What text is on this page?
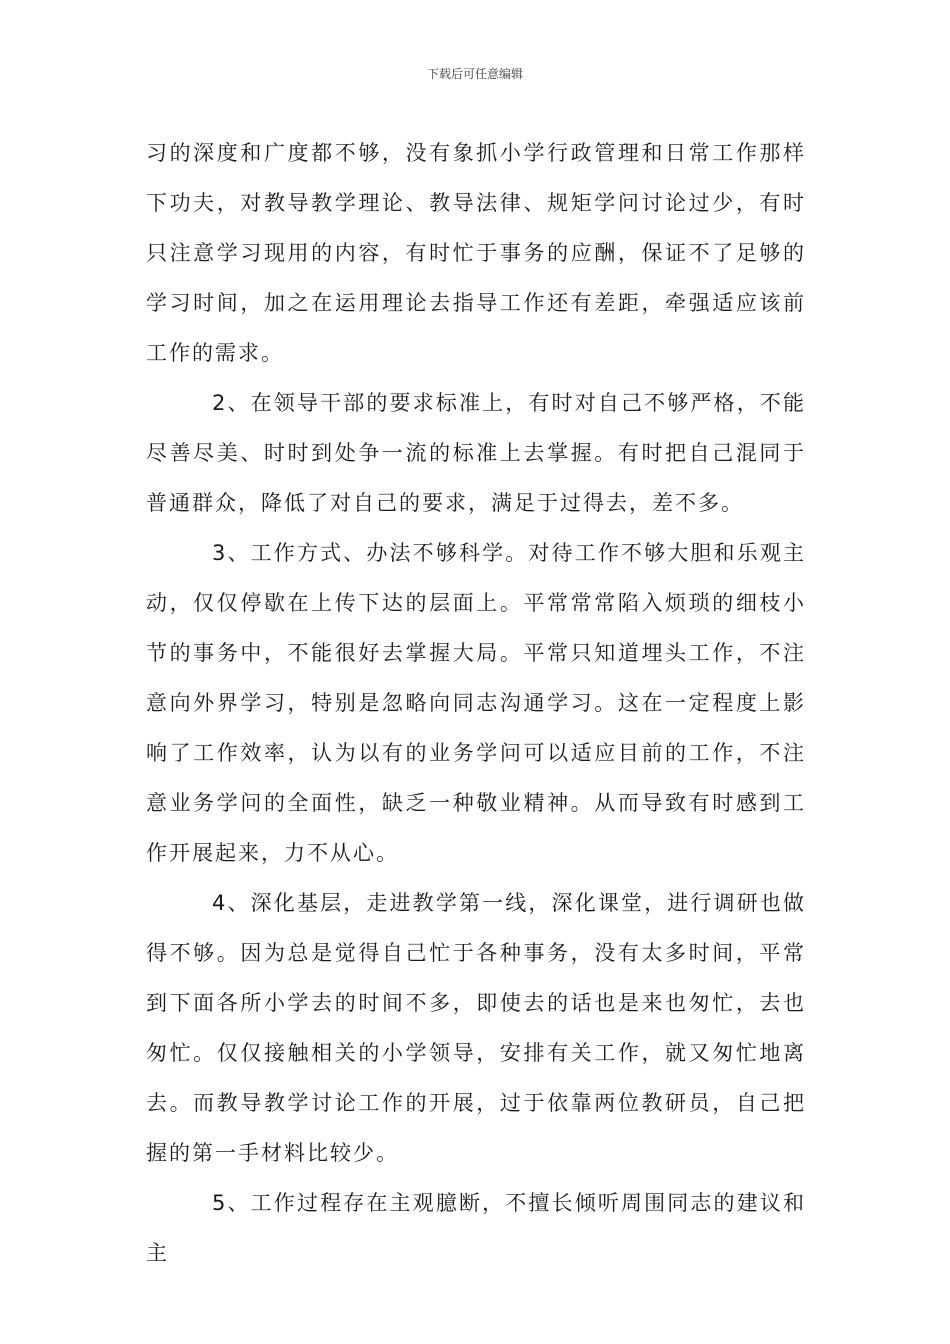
下载后可任意编辑

习的深度和广度都不够，没有象抓小学行政管理和日常工作那样下功夫，对教导教学理论、教导法律、规矩学问讨论过少，有时只注意学习现用的内容，有时忙于事务的应酬，保证不了足够的学习时间，加之在运用理论去指导工作还有差距，牵强适应该前工作的需求。

2、在领导干部的要求标准上，有时对自己不够严格，不能尽善尽美、时时到处争一流的标准上去掌握。有时把自己混同于普通群众，降低了对自己的要求，满足于过得去，差不多。

3、工作方式、办法不够科学。对待工作不够大胆和乐观主动，仅仅停歇在上传下达的层面上。平常常常陷入烦琐的细枝小节的事务中，不能很好去掌握大局。平常只知道埋头工作，不注意向外界学习，特别是忽略向同志沟通学习。这在一定程度上影响了工作效率，认为以有的业务学问可以适应目前的工作，不注意业务学问的全面性，缺乏一种敬业精神。从而导致有时感到工作开展起来，力不从心。

4、深化基层，走进教学第一线，深化课堂，进行调研也做得不够。因为总是觉得自己忙于各种事务，没有太多时间，平常到下面各所小学去的时间不多，即使去的话也是来也匆忙，去也匆忙。仅仅接触相关的小学领导，安排有关工作，就又匆忙地离去。而教导教学讨论工作的开展，过于依靠两位教研员，自己把握的第一手材料比较少。

5、工作过程存在主观臆断，不擅长倾听周围同志的建议和主
